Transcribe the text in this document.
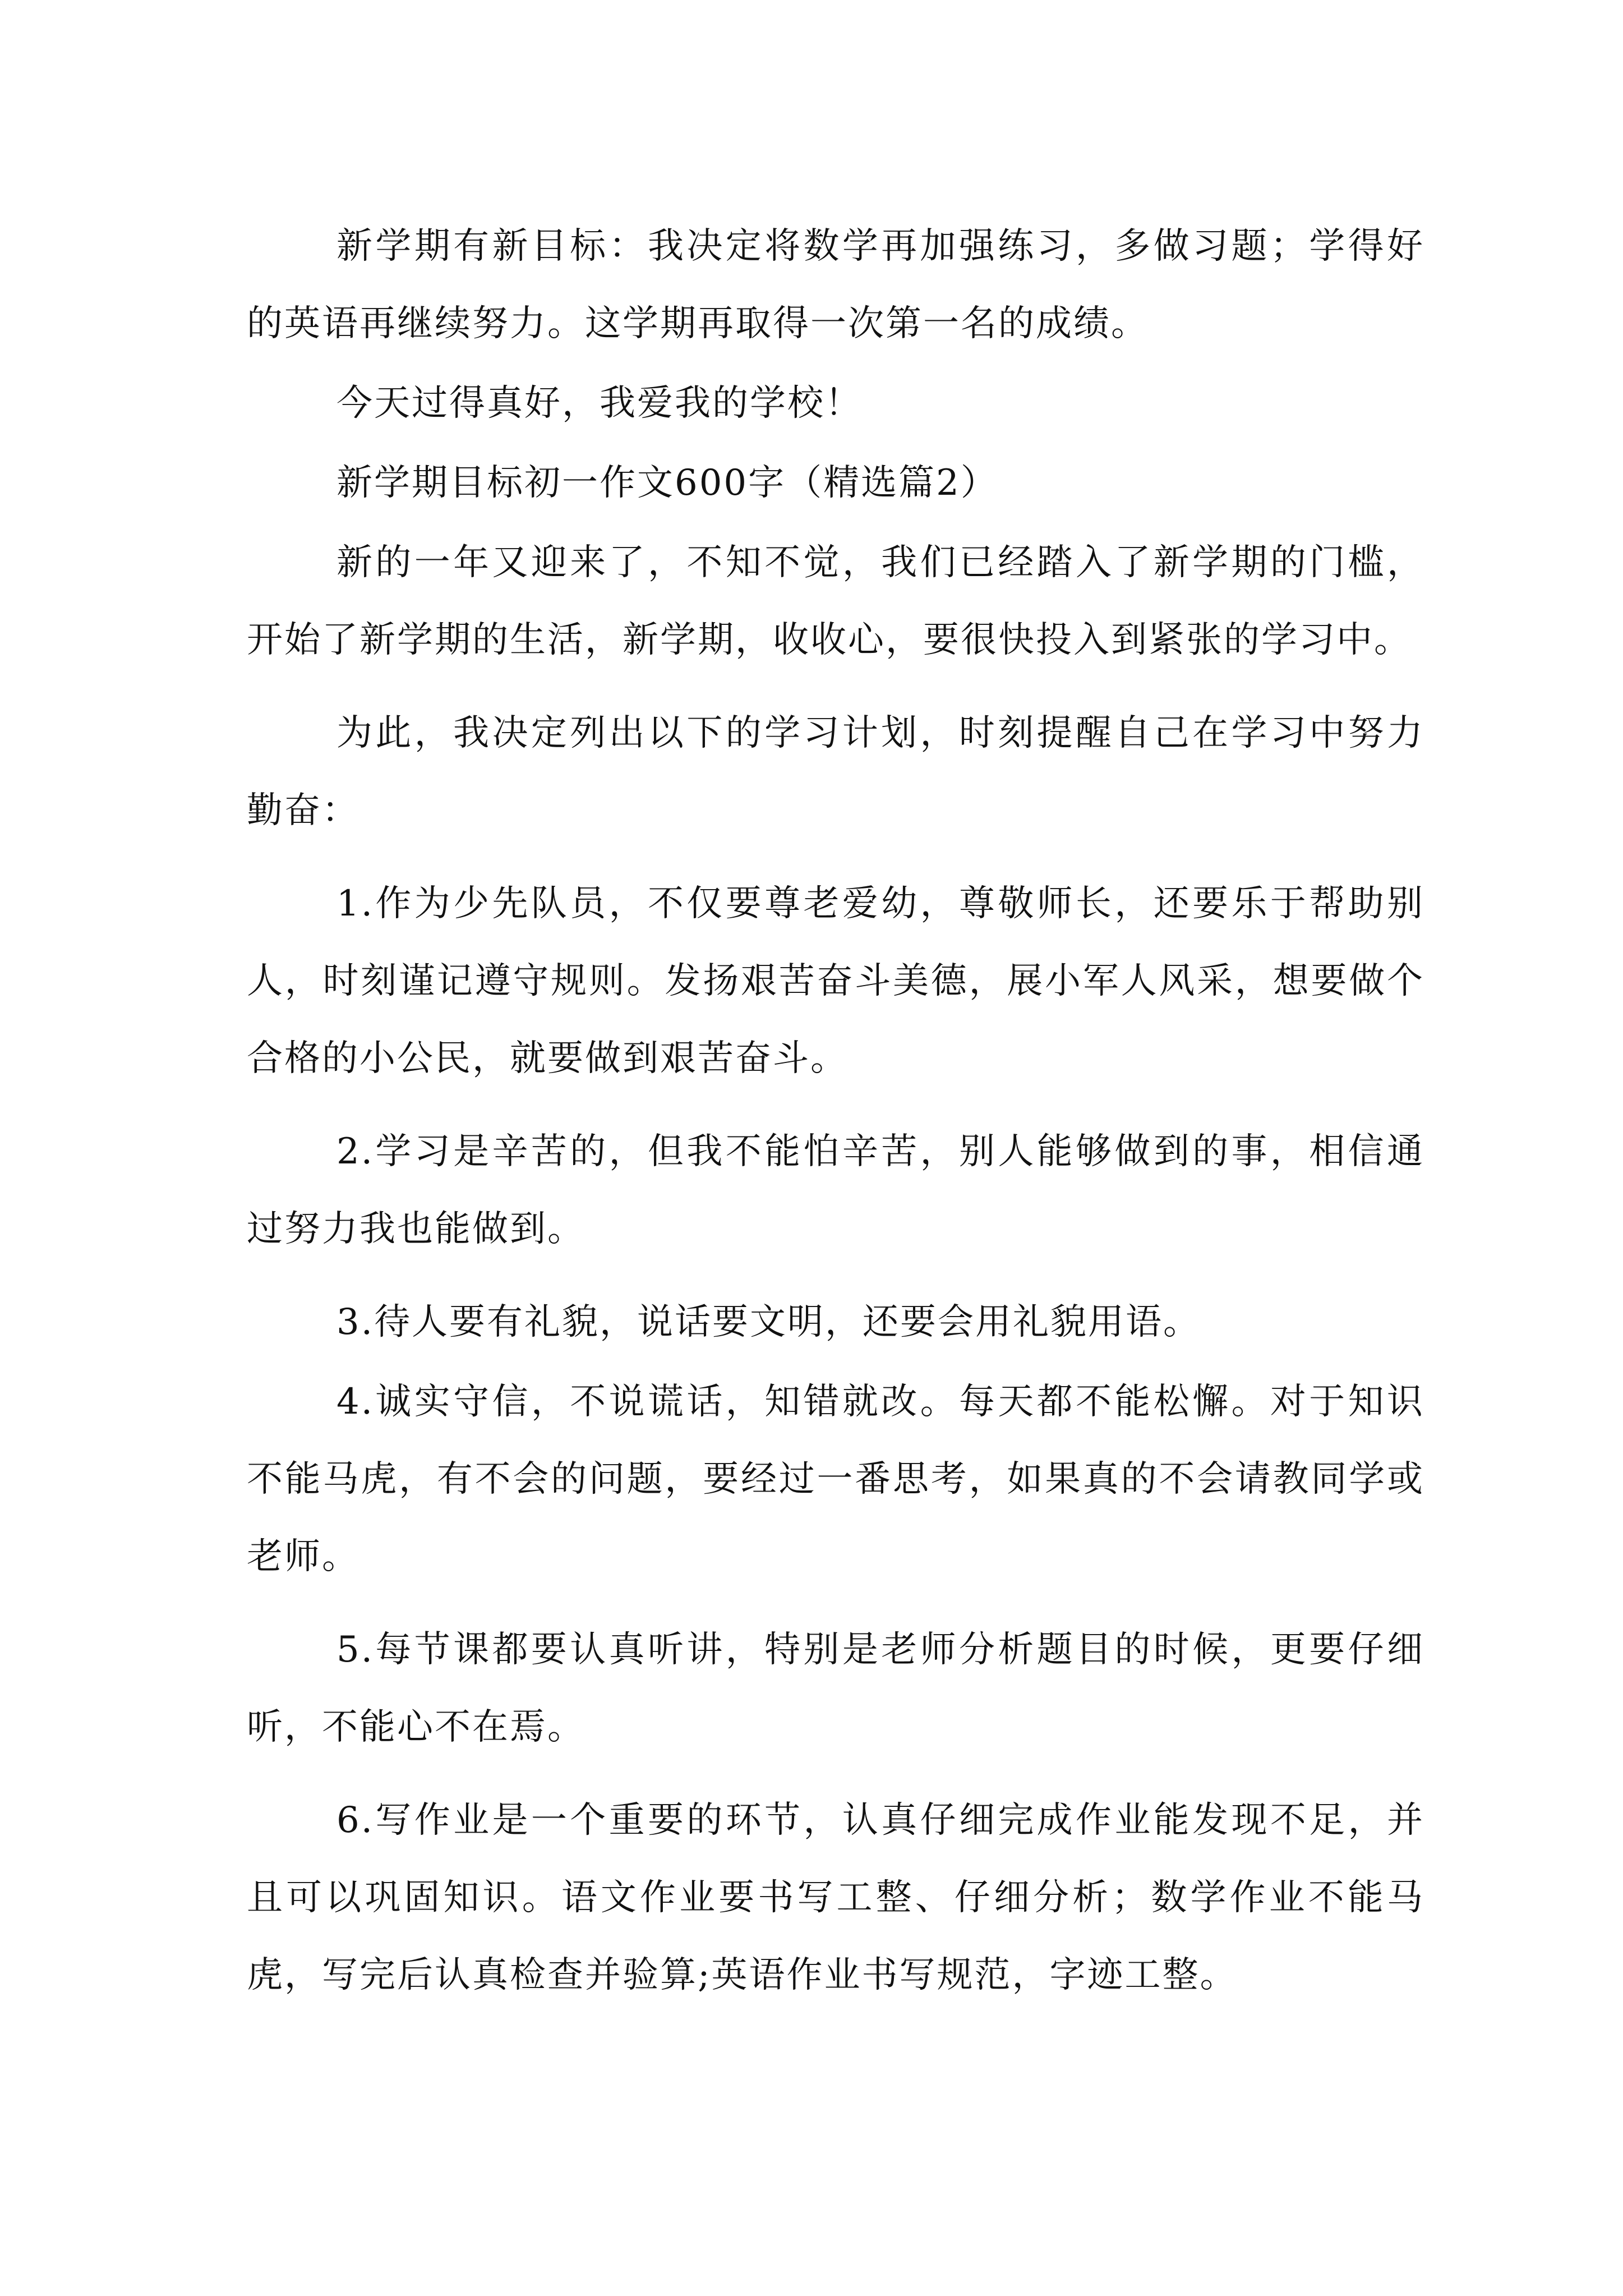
新学期有新目标：我决定将数学再加强练习，多做习题；学得好的英语再继续努力。这学期再取得一次第一名的成绩。

今天过得真好，我爱我的学校！

新学期目标初一作文600字（精选篇2）

新的一年又迎来了，不知不觉，我们已经踏入了新学期的门槛，开始了新学期的生活，新学期，收收心，要很快投入到紧张的学习中。

为此，我决定列出以下的学习计划，时刻提醒自己在学习中努力勤奋：

1.作为少先队员，不仅要尊老爱幼，尊敬师长，还要乐于帮助别人，时刻谨记遵守规则。发扬艰苦奋斗美德，展小军人风采，想要做个合格的小公民，就要做到艰苦奋斗。

2.学习是辛苦的，但我不能怕辛苦，别人能够做到的事，相信通过努力我也能做到。

3.待人要有礼貌，说话要文明，还要会用礼貌用语。

4.诚实守信，不说谎话，知错就改。每天都不能松懈。对于知识不能马虎，有不会的问题，要经过一番思考，如果真的不会请教同学或老师。

5.每节课都要认真听讲，特别是老师分析题目的时候，更要仔细听，不能心不在焉。

6.写作业是一个重要的环节，认真仔细完成作业能发现不足，并且可以巩固知识。语文作业要书写工整、仔细分析；数学作业不能马虎，写完后认真检查并验算;英语作业书写规范，字迹工整。
